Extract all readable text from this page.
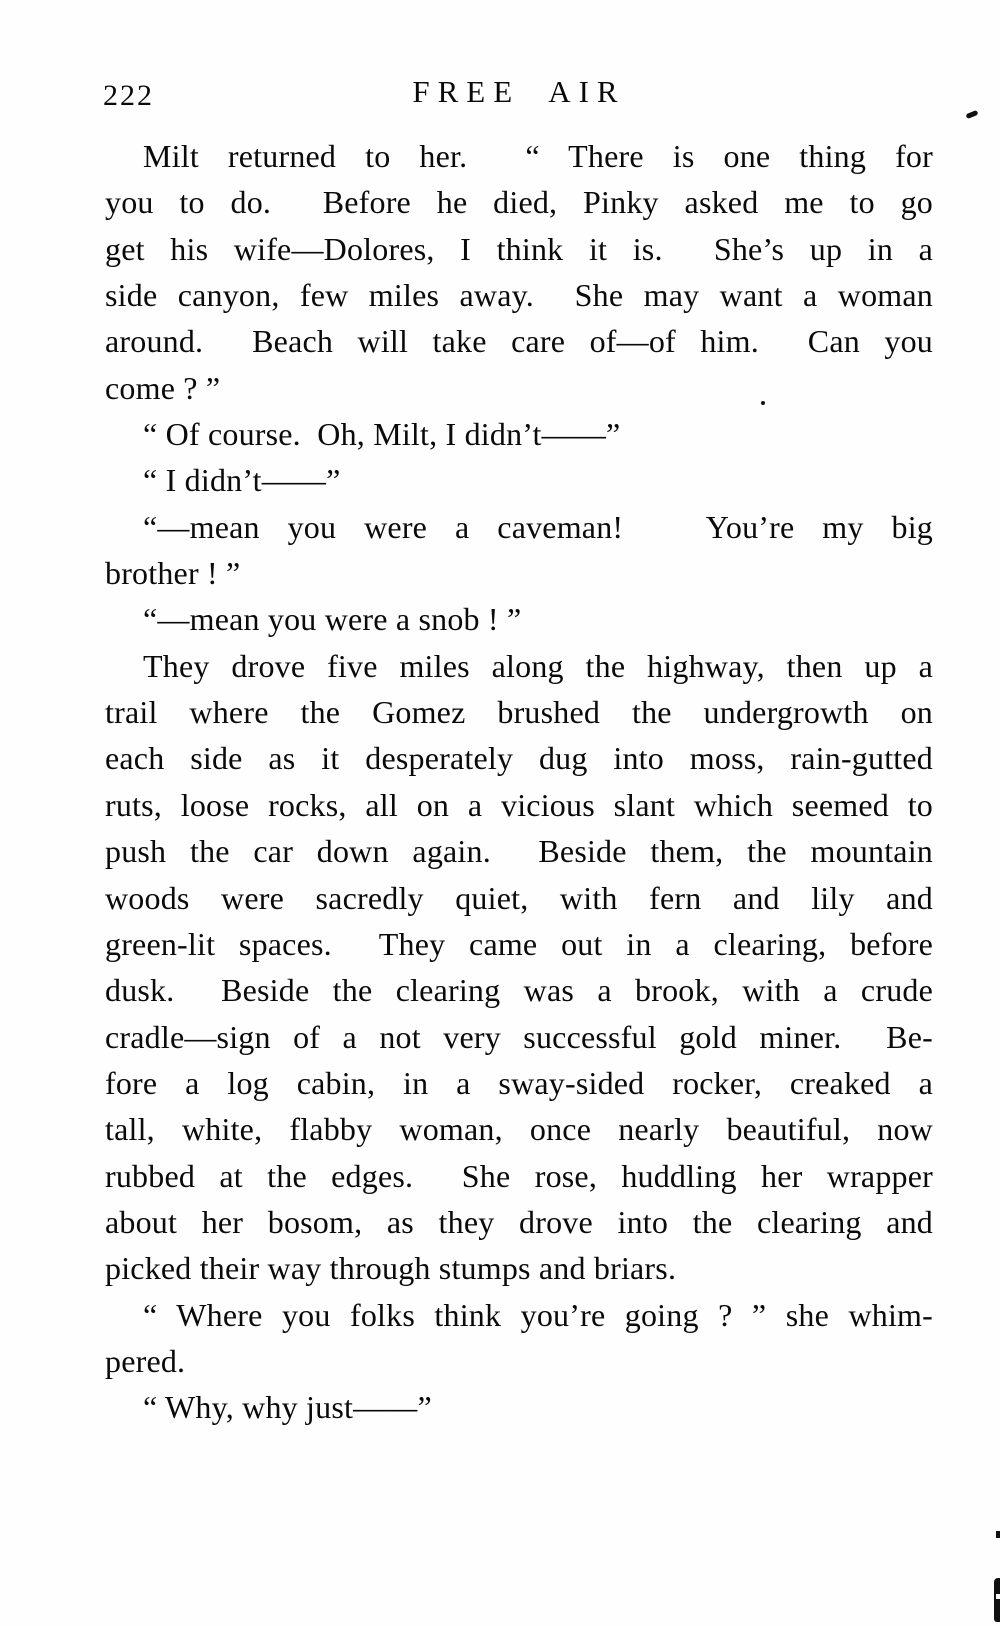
222	FREE AIR
Milt returned to her.  “ There is one thing for
you to do.  Before he died, Pinky asked me to go
get his wife—Dolores, I think it is.  She’s up in a
side canyon, few miles away.  She may want a woman
around.  Beach will take care of—of him.  Can you
come ? ”
“ Of course.  Oh, Milt, I didn’t——”
“ I didn’t——”
“—mean you were a caveman!   You’re my big
brother ! ”
“—mean you were a snob ! ”
They drove five miles along the highway, then up a
trail where the Gomez brushed the undergrowth on
each side as it desperately dug into moss, rain-gutted
ruts, loose rocks, all on a vicious slant which seemed to
push the car down again.  Beside them, the mountain
woods were sacredly quiet, with fern and lily and
green-lit spaces.  They came out in a clearing, before
dusk.  Beside the clearing was a brook, with a crude
cradle—sign of a not very successful gold miner.  Be-
fore a log cabin, in a sway-sided rocker, creaked a
tall, white, flabby woman, once nearly beautiful, now
rubbed at the edges.  She rose, huddling her wrapper
about her bosom, as they drove into the clearing and
picked their way through stumps and briars.
“ Where you folks think you’re going ? ” she whim-
pered.
“ Why, why just——”
